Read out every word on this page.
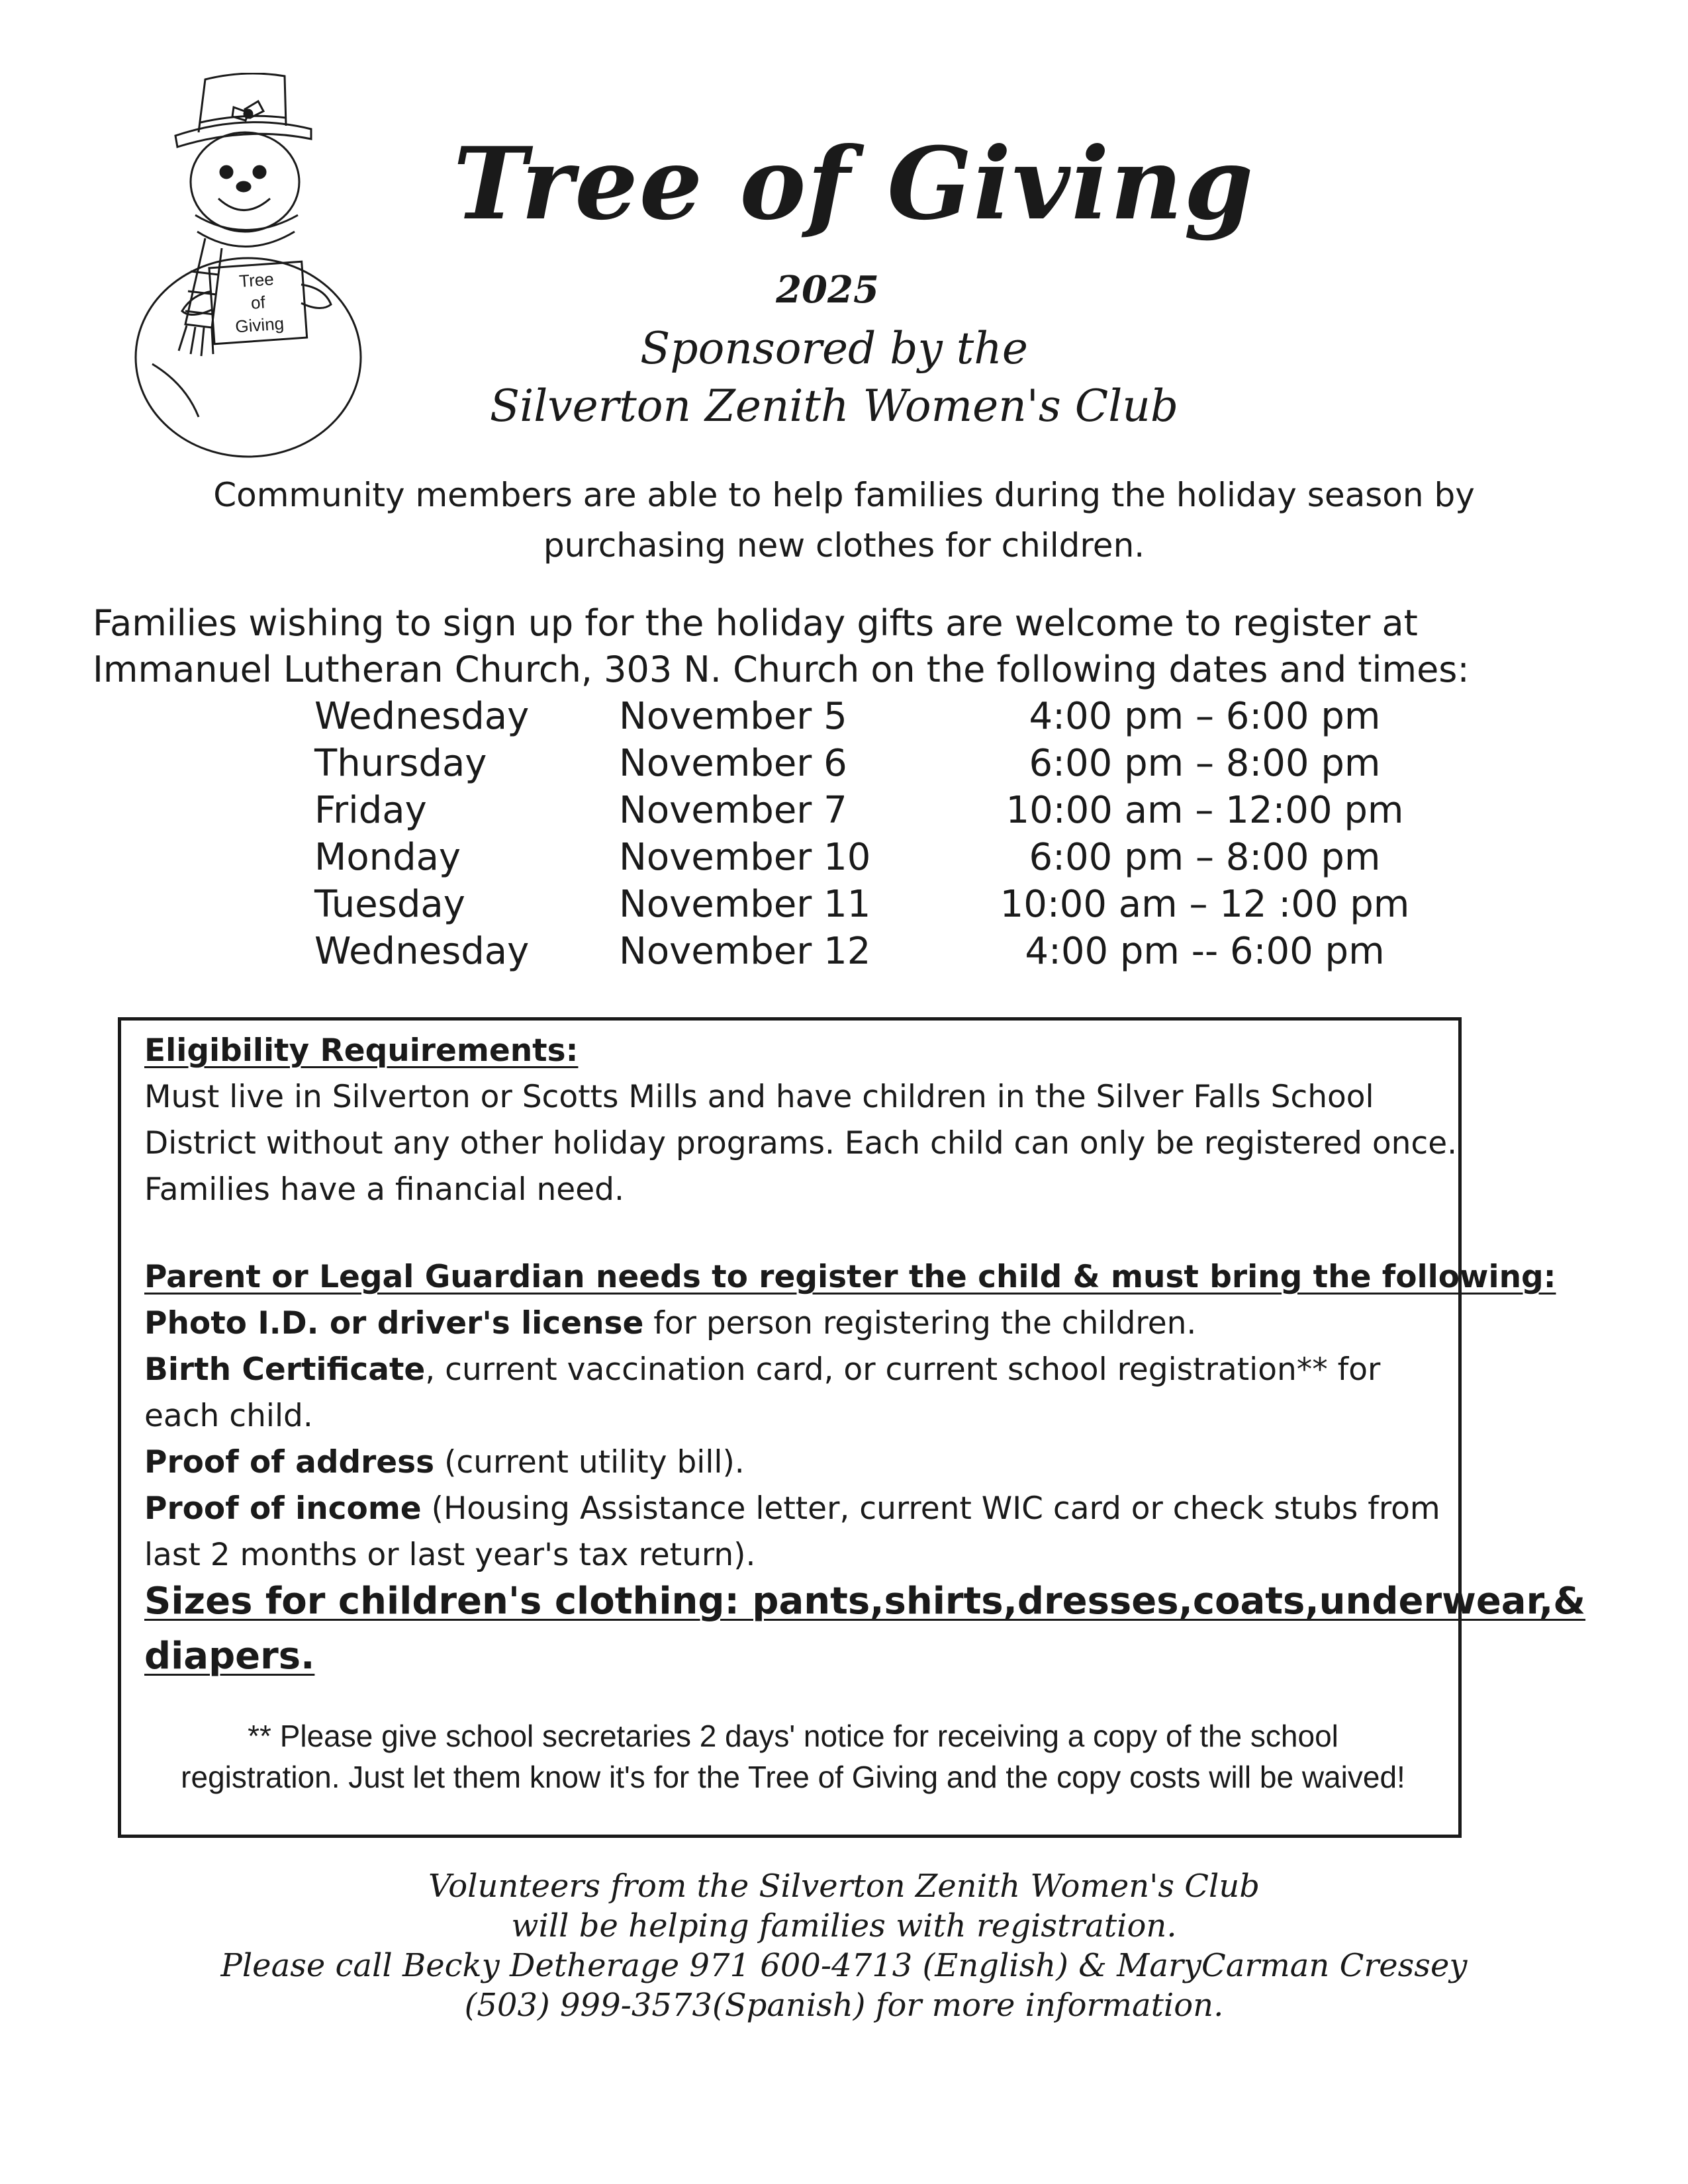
Tree
of
Giving
Tree of Giving
2025
Sponsored by the
Silverton Zenith Women's Club
Community members are able to help families during the holiday season by purchasing new clothes for children.
Families wishing to sign up for the holiday gifts are welcome to register at
Immanuel Lutheran Church, 303 N. Church on the following dates and times:
Wednesday November 5	4:00 pm – 6:00 pm
Thursday	November 6	6:00 pm – 8:00 pm
Friday	November 7	10:00 am – 12:00 pm
Monday	November 10	6:00 pm – 8:00 pm
Tuesday	November 11	10:00 am – 12 :00 pm
Wednesday November 12	4:00 pm -- 6:00 pm
Eligibility Requirements:
Must live in Silverton or Scotts Mills and have children in the Silver Falls School
District without any other holiday programs. Each child can only be registered once.
Families have a financial need.
Parent or Legal Guardian needs to register the child & must bring the following:
Photo I.D. or driver's license for person registering the children.
Birth Certificate, current vaccination card, or current school registration** for
each child.
Proof of address (current utility bill).
Proof of income (Housing Assistance letter, current WIC card or check stubs from
last 2 months or last year's tax return).
Sizes for children's clothing: pants,shirts,dresses,coats,underwear,&
diapers.
** Please give school secretaries 2 days' notice for receiving a copy of the school
registration. Just let them know it's for the Tree of Giving and the copy costs will be waived!
Volunteers from the Silverton Zenith Women's Club
will be helping families with registration.
Please call Becky Detherage 971 600-4713 (English) & MaryCarman Cressey
(503) 999-3573(Spanish) for more information.
